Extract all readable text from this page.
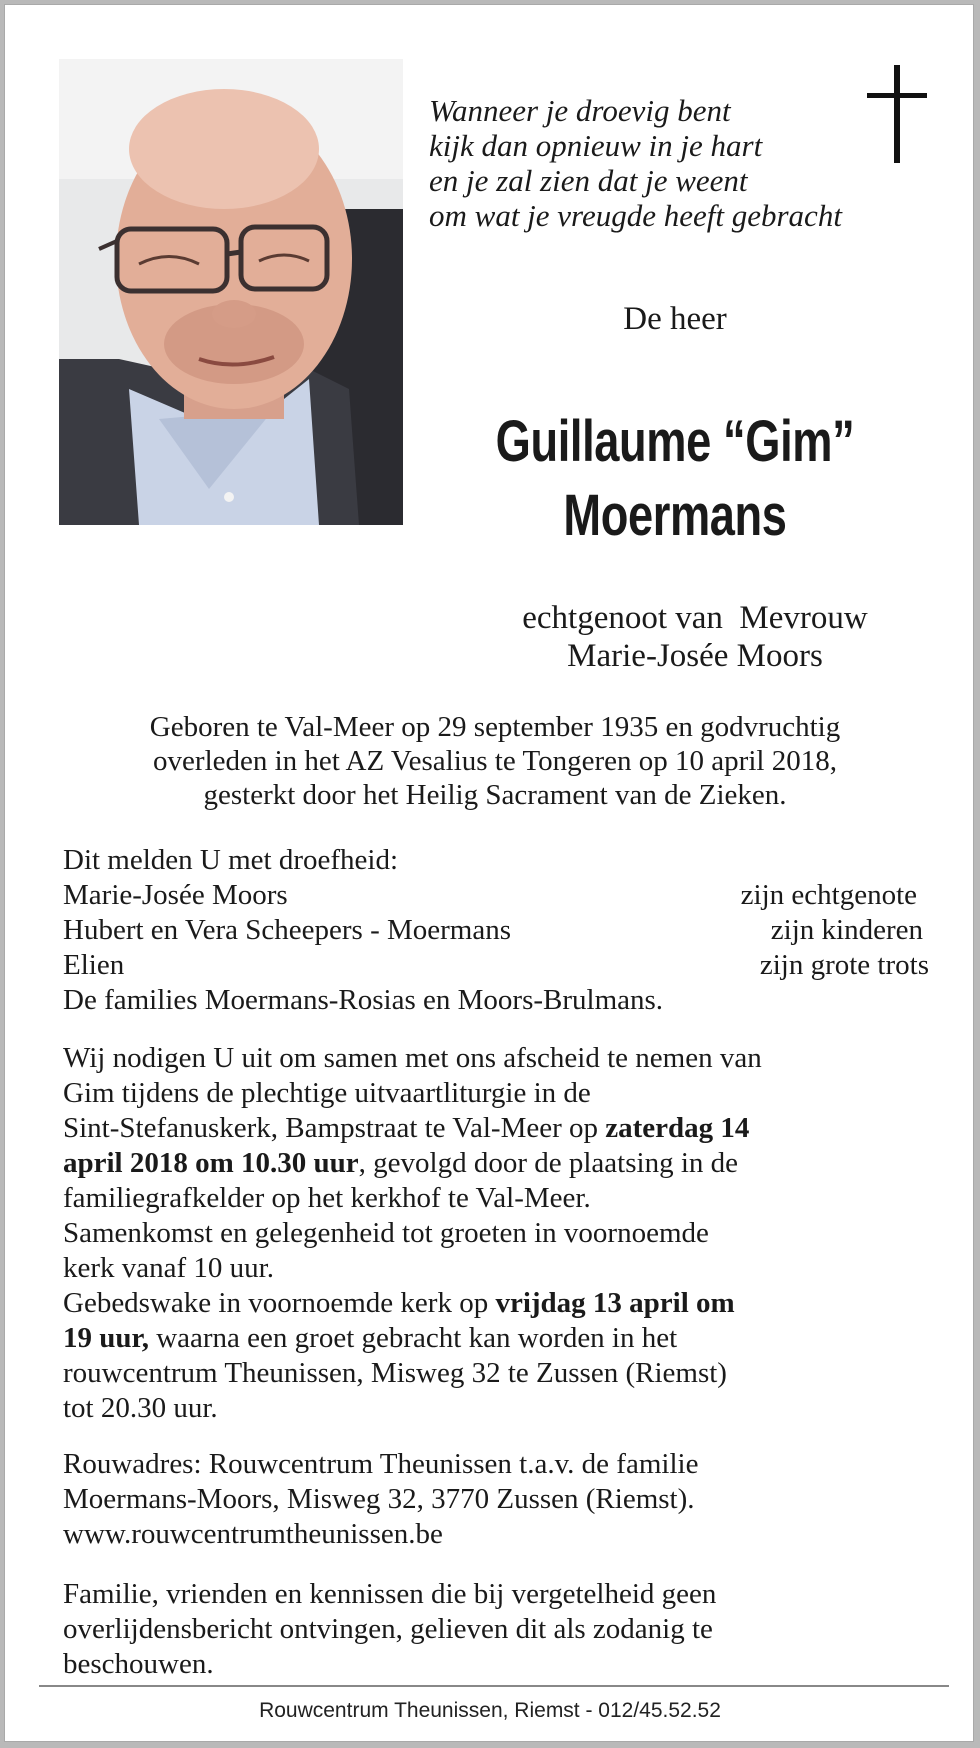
Wanneer je droevig bent
kijk dan opnieuw in je hart
en je zal zien dat je weent
om wat je vreugde heeft gebracht
De heer
Guillaume “Gim”
Moermans
echtgenoot van  Mevrouw
Marie-Josée Moors
Geboren te Val-Meer op 29 september 1935 en godvruchtig
overleden in het AZ Vesalius te Tongeren op 10 april 2018,
gesterkt door het Heilig Sacrament van de Zieken.
Dit melden U met droefheid:
Marie-Josée Moors	zijn echtgenote
Hubert en Vera Scheepers - Moermans	zijn kinderen
Elien	zijn grote trots
De families Moermans-Rosias en Moors-Brulmans.
Wij nodigen U uit om samen met ons afscheid te nemen van
Gim tijdens de plechtige uitvaartliturgie in de
Sint-Stefanuskerk, Bampstraat te Val-Meer op zaterdag 14
april 2018 om 10.30 uur, gevolgd door de plaatsing in de
familiegrafkelder op het kerkhof te Val-Meer.
Samenkomst en gelegenheid tot groeten in voornoemde
kerk vanaf 10 uur.
Gebedswake in voornoemde kerk op vrijdag 13 april om
19 uur, waarna een groet gebracht kan worden in het
rouwcentrum Theunissen, Misweg 32 te Zussen (Riemst)
tot 20.30 uur.
Rouwadres: Rouwcentrum Theunissen t.a.v. de familie
Moermans-Moors, Misweg 32, 3770 Zussen (Riemst).
www.rouwcentrumtheunissen.be
Familie, vrienden en kennissen die bij vergetelheid geen
overlijdensbericht ontvingen, gelieven dit als zodanig te
beschouwen.
Rouwcentrum Theunissen, Riemst - 012/45.52.52
